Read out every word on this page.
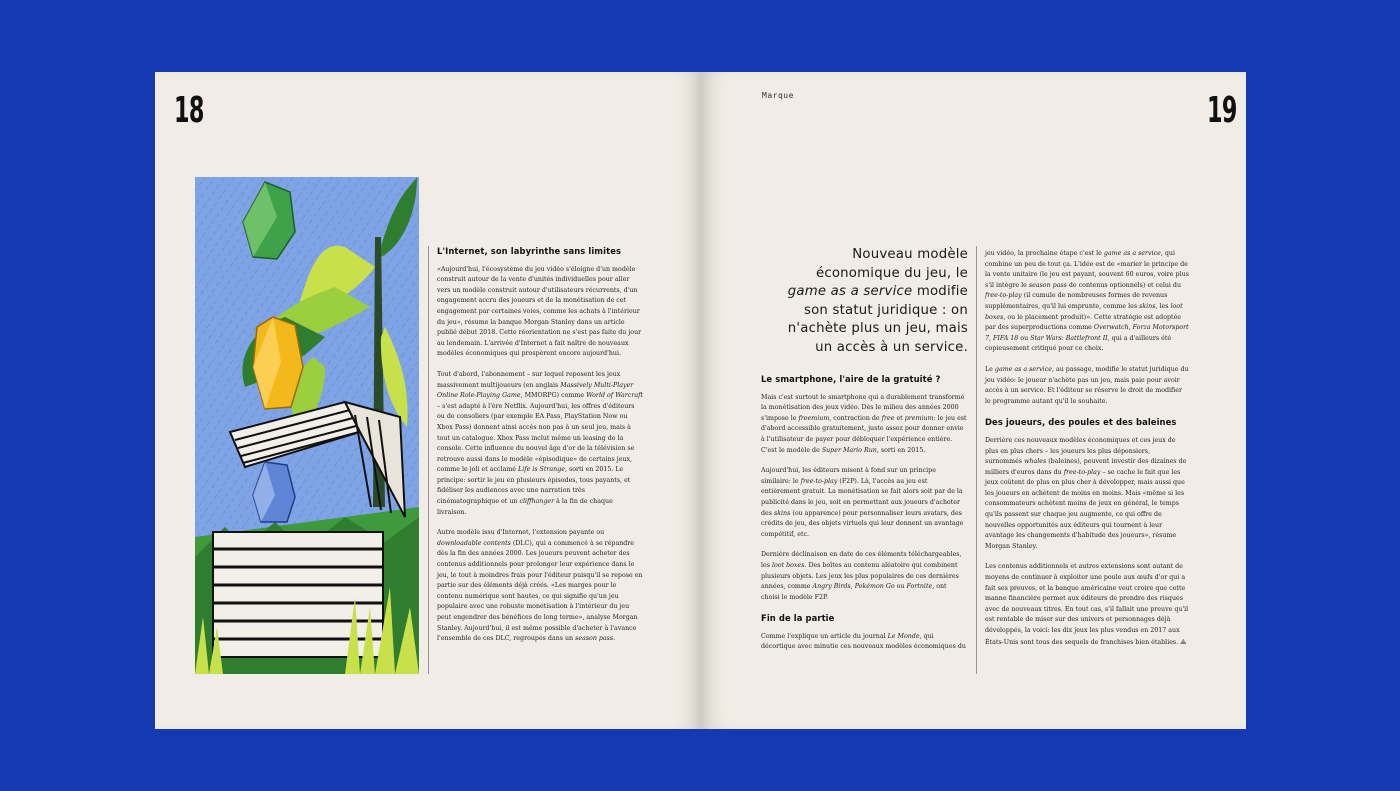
18	19
Marque
L'Internet, son labyrinthe sans limites

«Aujourd'hui, l'écosystème du jeu vidéo s'éloigne d'un modèle construit autour de la vente d'unités individuelles pour aller vers un modèle construit autour d'utilisateurs récurrents, d'un engagement accru des joueurs et de la monétisation de cet engagement par certaines voies, comme les achats à l'intérieur du jeu», résume la banque Morgan Stanley dans un article publié début 2018. Cette réorientation ne s'est pas faite du jour au lendemain. L'arrivée d'Internet a fait naître de nouveaux modèles économiques qui prospèrent encore aujourd'hui.

Tout d'abord, l'abonnement – sur lequel reposent les jeux massivement multijoueurs (en anglais Massively Multi-Player Online Role-Playing Game, MMORPG) comme World of Warcraft – s'est adapté à l'ère Netflix. Aujourd'hui, les offres d'éditeurs ou de consoliers (par exemple EA Pass, PlayStation Now ou Xbox Pass) donnent ainsi accès non pas à un seul jeu, mais à tout un catalogue. Xbox Pass inclut même un leasing de la console. Cette influence du nouvel âge d'or de la télévision se retrouve aussi dans le modèle «épisodique» de certains jeux, comme le joli et acclamé Life is Strange, sorti en 2015. Le principe: sortir le jeu en plusieurs épisodes, tous payants, et fidéliser les audiences avec une narration très cinématographique et un cliffhanger à la fin de chaque livraison.

Autre modèle issu d'Internet, l'extension payante ou downloadable contents (DLC), qui a commencé à se répandre dès la fin des années 2000. Les joueurs peuvent acheter des contenus additionnels pour prolonger leur expérience dans le jeu, le tout à moindres frais pour l'éditeur puisqu'il se repose en partie sur des éléments déjà créés. «Les marges pour le contenu numérique sont hautes, ce qui signifie qu'un jeu populaire avec une robuste monétisation à l'intérieur du jeu peut engendrer des bénéfices de long terme», analyse Morgan Stanley. Aujourd'hui, il est même possible d'acheter à l'avance l'ensemble de ces DLC, regroupés dans un season pass.

Nouveau modèle
économique du jeu, le
game as a service modifie
son statut juridique : on
n'achète plus un jeu, mais
un accès à un service.
Le smartphone, l'aire de la gratuité ?

Mais c'est surtout le smartphone qui a durablement transformé la monétisation des jeux vidéo. Dès le milieu des années 2000 s'impose le freemium, contraction de free et premium: le jeu est d'abord accessible gratuitement, juste assez pour donner envie à l'utilisateur de payer pour débloquer l'expérience entière. C'est le modèle de Super Mario Run, sorti en 2015.

Aujourd'hui, les éditeurs misent à fond sur un principe similaire: le free-to-play (F2P). Là, l'accès au jeu est entièrement gratuit. La monétisation se fait alors soit par de la publicité dans le jeu, soit en permettant aux joueurs d'acheter des skins (ou apparence) pour personnaliser leurs avatars, des crédits de jeu, des objets virtuels qui leur donnent un avantage compétitif, etc.

Dernière déclinaison en date de ces éléments téléchargeables, les loot boxes. Des boîtes au contenu aléatoire qui combinent plusieurs objets. Les jeux les plus populaires de ces dernières années, comme Angry Birds, Pokémon Go ou Fortnite, ont choisi le modèle F2P.

Fin de la partie

Comme l'explique un article du journal Le Monde, qui décortique avec minutie ces nouveaux modèles économiques du

jeu vidéo, la prochaine étape c'est le game as a service, qui combine un peu de tout ça. L'idée est de «marier le principe de la vente unitaire (le jeu est payant, souvent 60 euros, voire plus s'il intègre le season pass de contenus optionnels) et celui du free-to-play (il cumule de nombreuses formes de revenus supplémentaires, qu'il lui emprunte, comme les skins, les loot boxes, ou le placement produit)». Cette stratégie est adoptée par des superproductions comme Overwatch, Forza Motorsport 7, FIFA 18 ou Star Wars: Battlefront II, qui a d'ailleurs été copieusement critiqué pour ce choix.

Le game as a service, au passage, modifie le statut juridique du jeu vidéo: le joueur n'achète pas un jeu, mais paie pour avoir accès à un service. Et l'éditeur se réserve le droit de modifier le programme autant qu'il le souhaite.

Des joueurs, des poules et des baleines

Derrière ces nouveaux modèles économiques et ces jeux de plus en plus chers – les joueurs les plus dépensiers, surnommés whales (baleines), peuvent investir des dizaines de milliers d'euros dans du free-to-play – se cache le fait que les jeux coûtent de plus en plus cher à développer, mais aussi que les joueurs en achètent de moins en moins. Mais «même si les consommateurs achètent moins de jeux en général, le temps qu'ils passent sur chaque jeu augmente, ce qui offre de nouvelles opportunités aux éditeurs qui tournent à leur avantage les changements d'habitude des joueurs», résume Morgan Stanley.

Les contenus additionnels et autres extensions sont autant de moyens de continuer à exploiter une poule aux œufs d'or qui a fait ses preuves, et la banque américaine veut croire que cette manne financière permet aux éditeurs de prendre des risques avec de nouveaux titres. En tout cas, s'il fallait une preuve qu'il est rentable de miser sur des univers et personnages déjà développés, la voici: les dix jeux les plus vendus en 2017 aux États-Unis sont tous des sequels de franchises bien établies. ⟁
